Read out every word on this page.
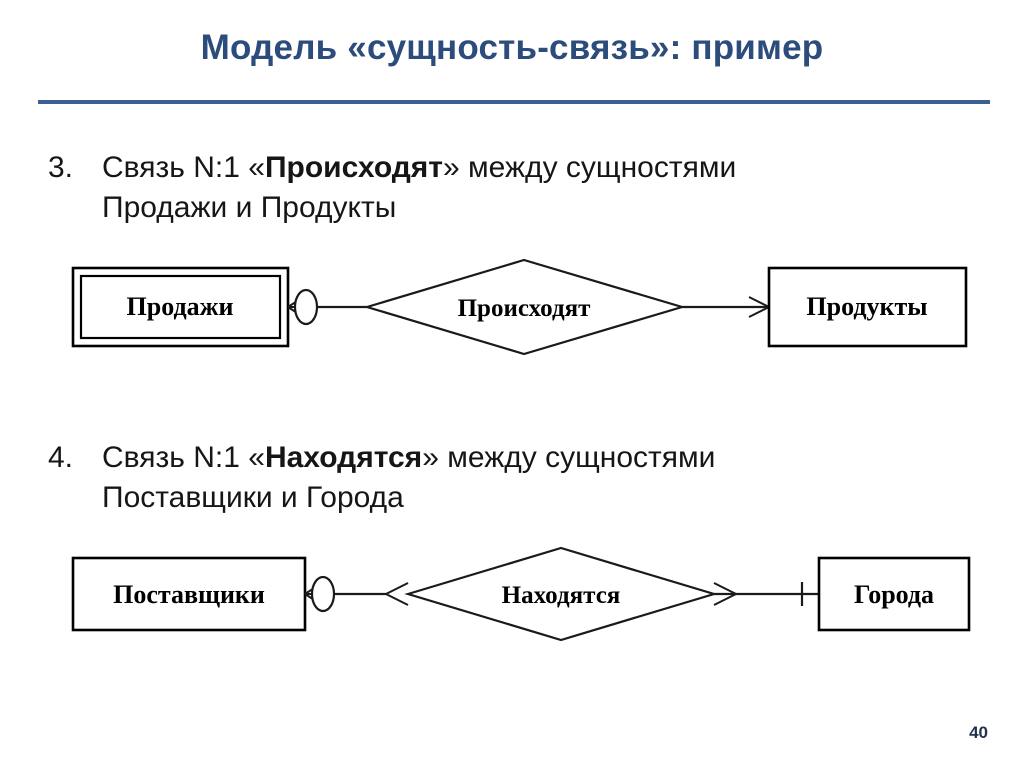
Модель «сущность-связь»: пример
3. Связь N:1 «Происходят» между сущностями
Продажи и Продукты
Продажи	Происходят	Продукты
4. Связь N:1 «Находятся» между сущностями
Поставщики и Города
Поставщики	Находятся	Города
40
